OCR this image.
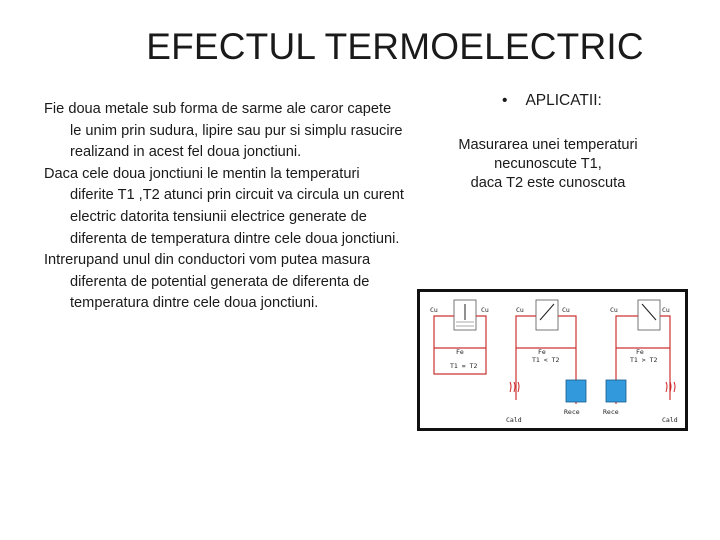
EFECTUL TERMOELECTRIC

Fie doua metale sub forma de sarme ale caror capete le unim prin sudura, lipire sau pur si simplu rasucire realizand in acest fel doua jonctiuni.

Daca cele doua jonctiuni le mentin la temperaturi diferite T1 ,T2 atunci prin circuit va circula un curent electric datorita tensiunii electrice generate de diferenta de temperatura dintre cele doua jonctiuni.

Intrerupand unul din conductori vom putea masura diferenta de potential generata de diferenta de temperatura dintre cele doua jonctiuni.

• APLICATII:
Masurarea unei temperaturi
necunoscute T1,
daca T2 este cunoscuta
Cu	Cu
Fe
T1 = T2
Cu	Cu
Fe
T1 < T2
Cald
Rece
Cu	Cu
Fe
T1 > T2
Rece
Cald
